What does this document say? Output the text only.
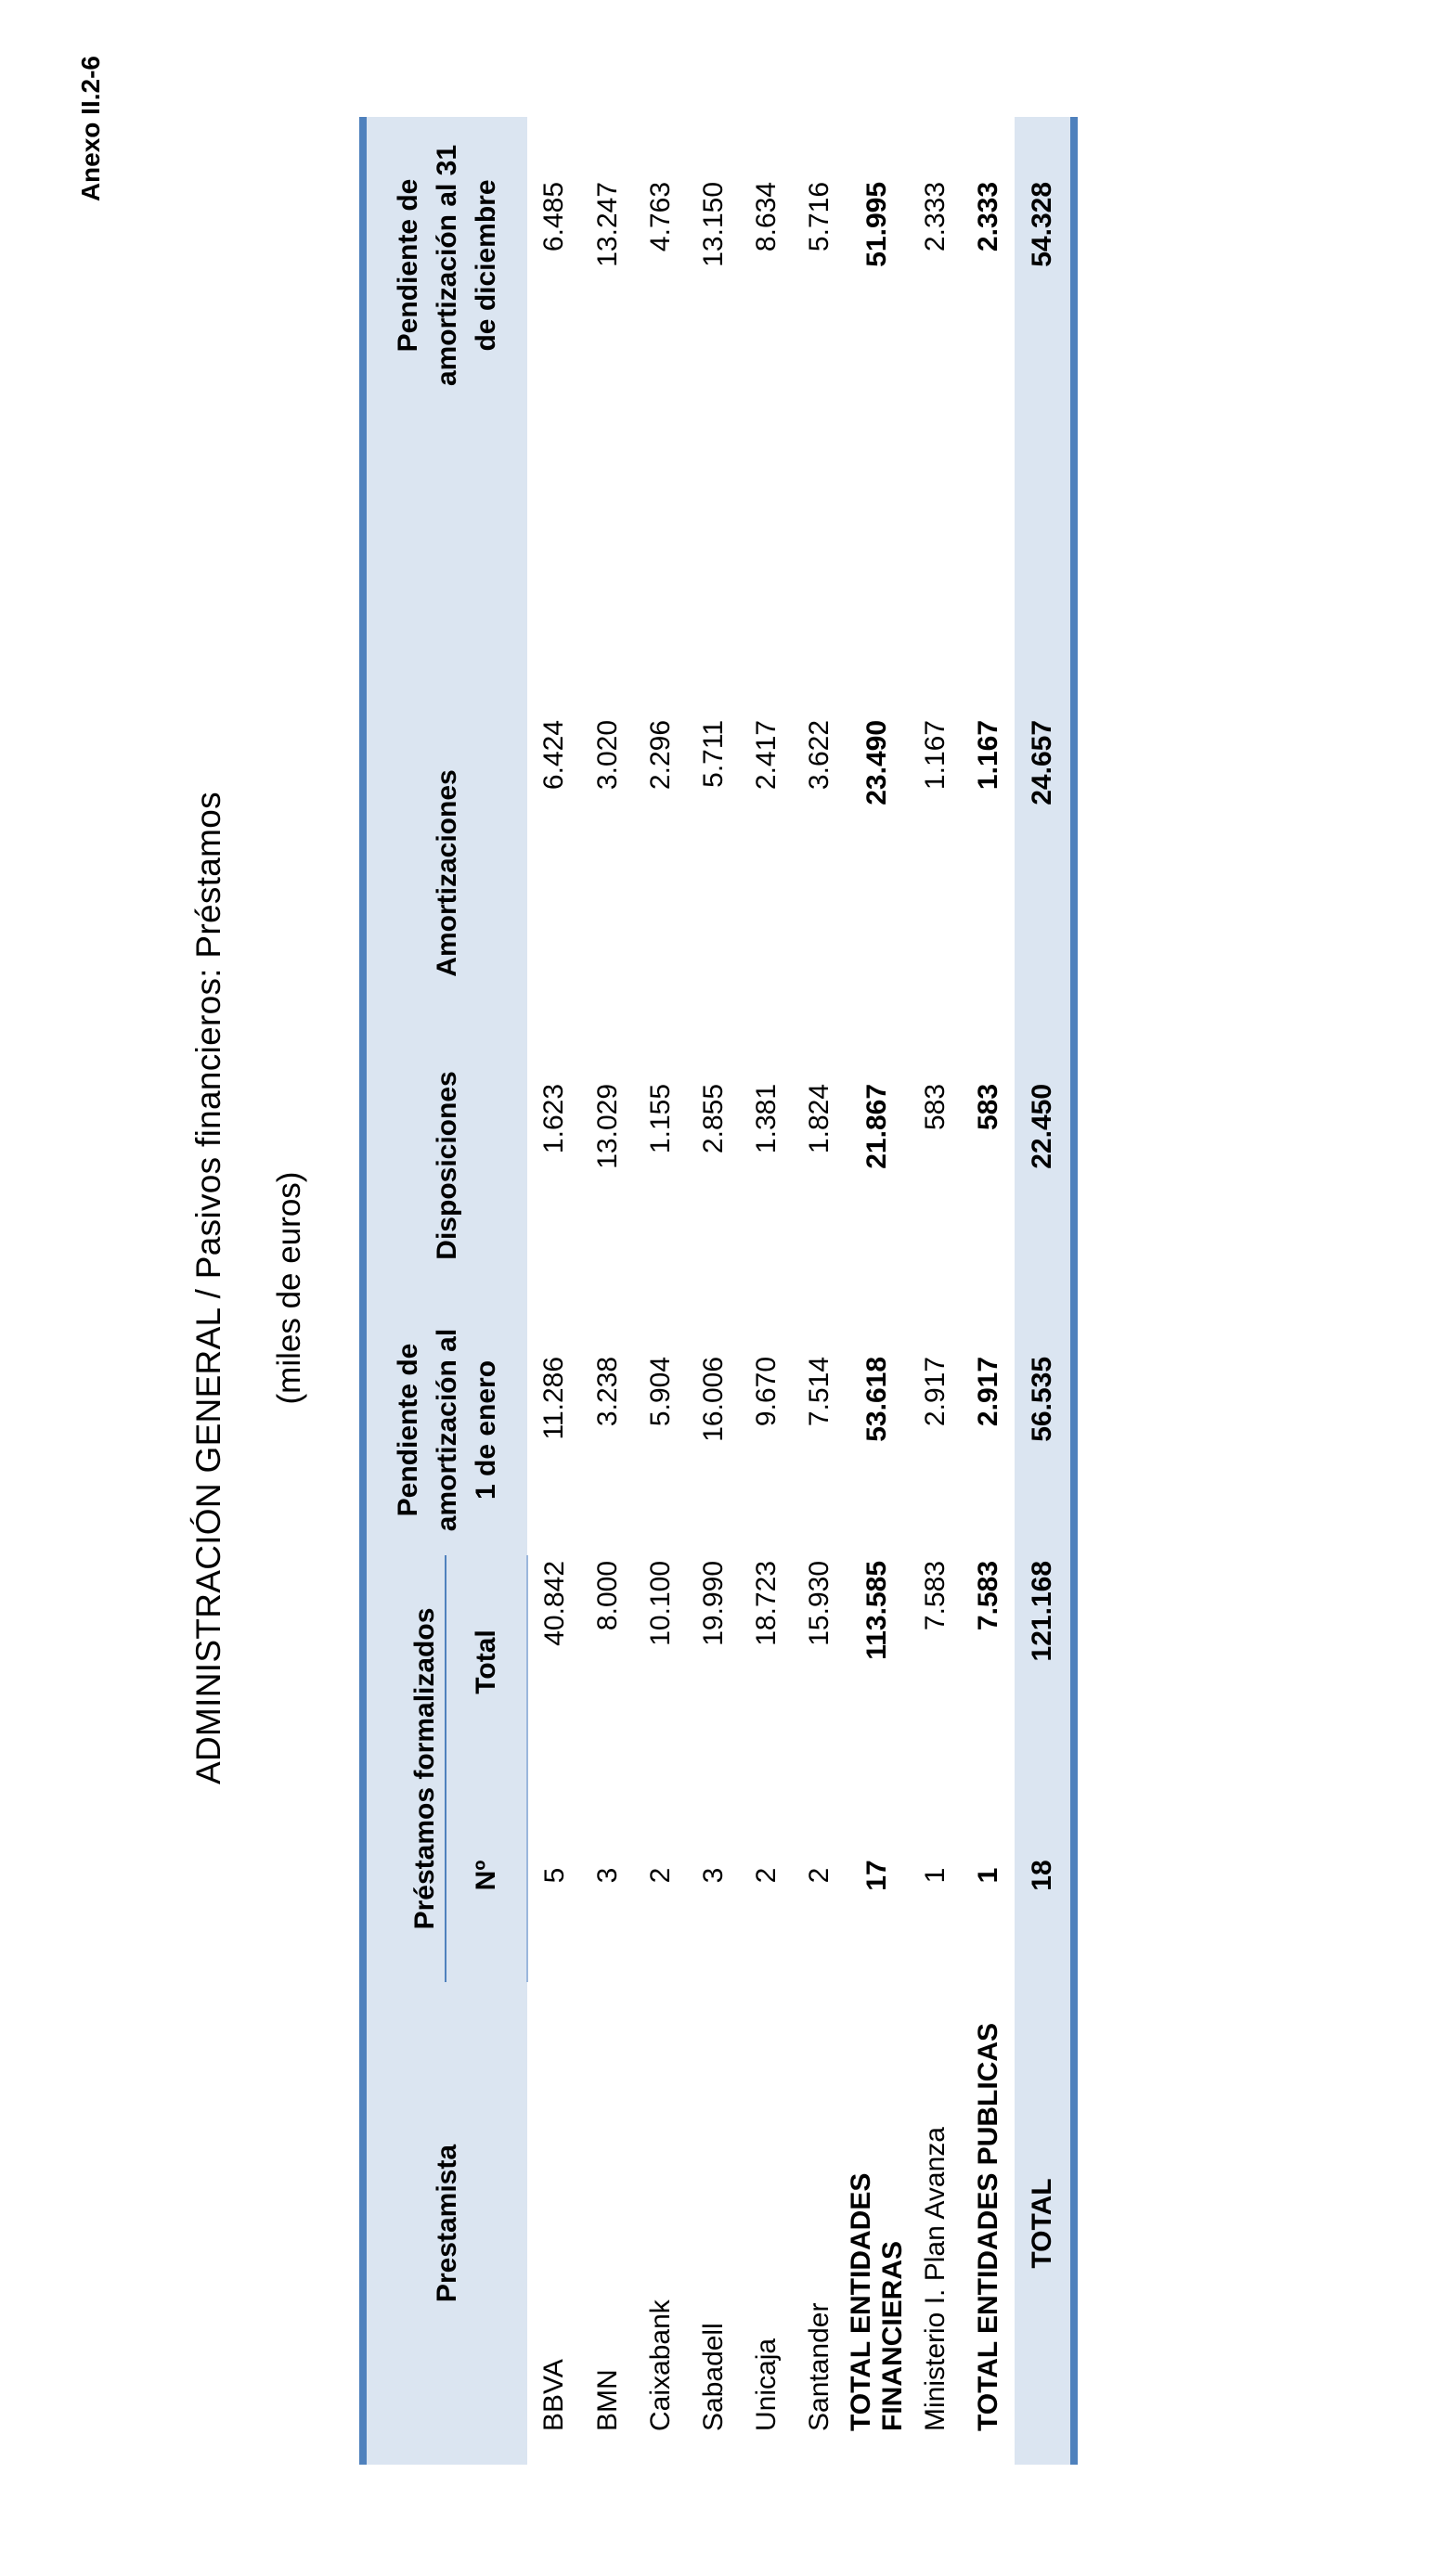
Anexo II.2-6
ADMINISTRACIÓN GENERAL / Pasivos financieros: Préstamos (miles de euros)
Prestamista	Préstamos formalizados		Pendiente de amortización al 1 de enero	Disposiciones	Amortizaciones		Pendiente de amortización al 31 de diciembre
	Nº	Total					
BBVA	5	40.842	11.286	1.623	6.424		6.485
BMN	3	8.000	3.238	13.029	3.020		13.247
Caixabank	2	10.100	5.904	1.155	2.296		4.763
Sabadell	3	19.990	16.006	2.855	5.711		13.150
Unicaja	2	18.723	9.670	1.381	2.417		8.634
Santander	2	15.930	7.514	1.824	3.622		5.716
TOTAL ENTIDADES FINANCIERAS	17	113.585	53.618	21.867	23.490		51.995
Ministerio I. Plan Avanza	1	7.583	2.917	583	1.167		2.333
TOTAL ENTIDADES PUBLICAS	1	7.583	2.917	583	1.167		2.333
TOTAL	18	121.168	56.535	22.450	24.657		54.328
